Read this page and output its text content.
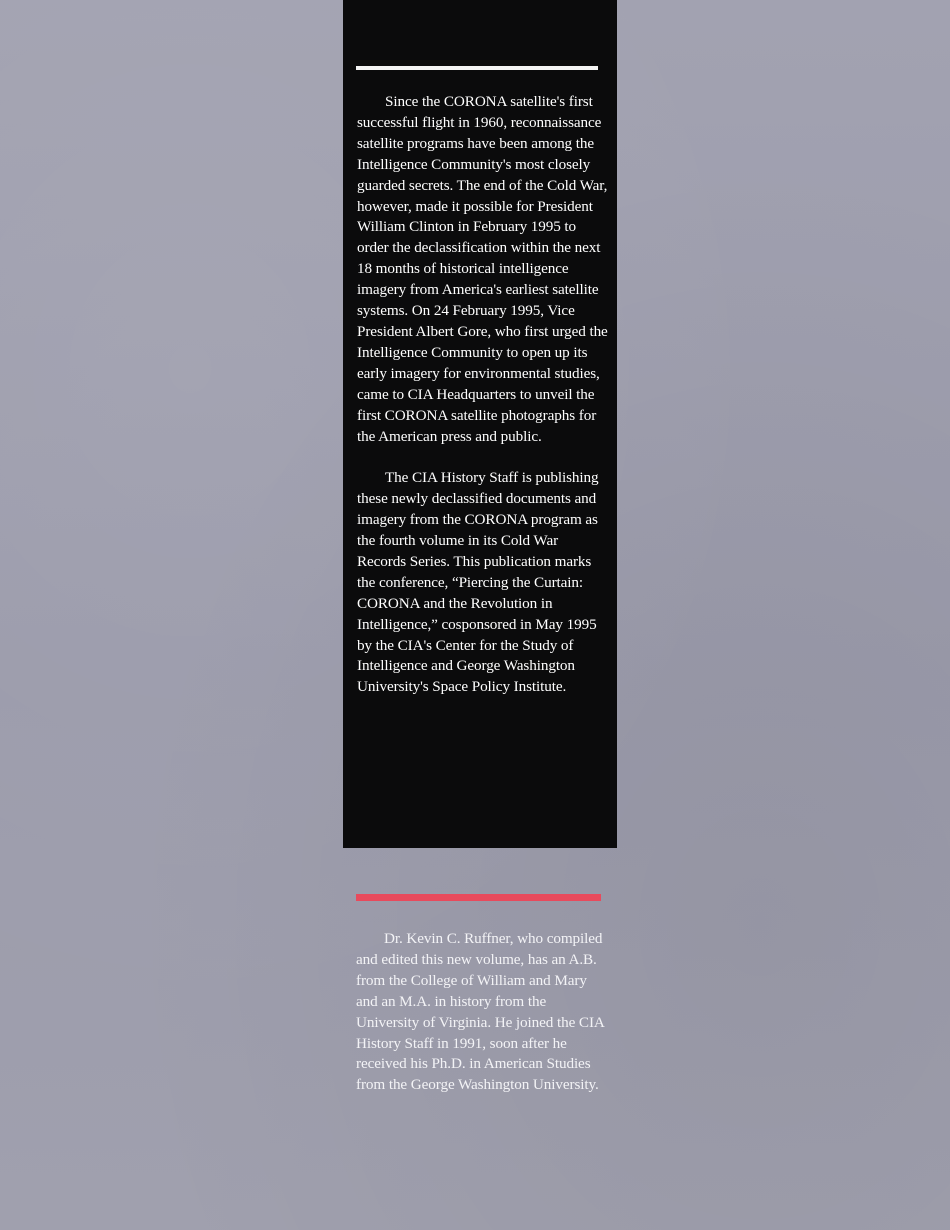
Since the CORONA satellite's first successful flight in 1960, reconnaissance satellite programs have been among the Intelligence Community's most closely guarded secrets. The end of the Cold War, however, made it possible for President William Clinton in February 1995 to order the declassification within the next 18 months of historical intelligence imagery from America's earliest satellite systems. On 24 February 1995, Vice President Albert Gore, who first urged the Intelligence Community to open up its early imagery for environmental studies, came to CIA Headquarters to unveil the first CORONA satellite photographs for the American press and public.

The CIA History Staff is publishing these newly declassified documents and imagery from the CORONA program as the fourth volume in its Cold War Records Series. This publication marks the conference, “Piercing the Curtain: CORONA and the Revolution in Intelligence,” cosponsored in May 1995 by the CIA's Center for the Study of Intelligence and George Washington University's Space Policy Institute.

Dr. Kevin C. Ruffner, who compiled and edited this new volume, has an A.B. from the College of William and Mary and an M.A. in history from the University of Virginia. He joined the CIA History Staff in 1991, soon after he received his Ph.D. in American Studies from the George Washington University.
